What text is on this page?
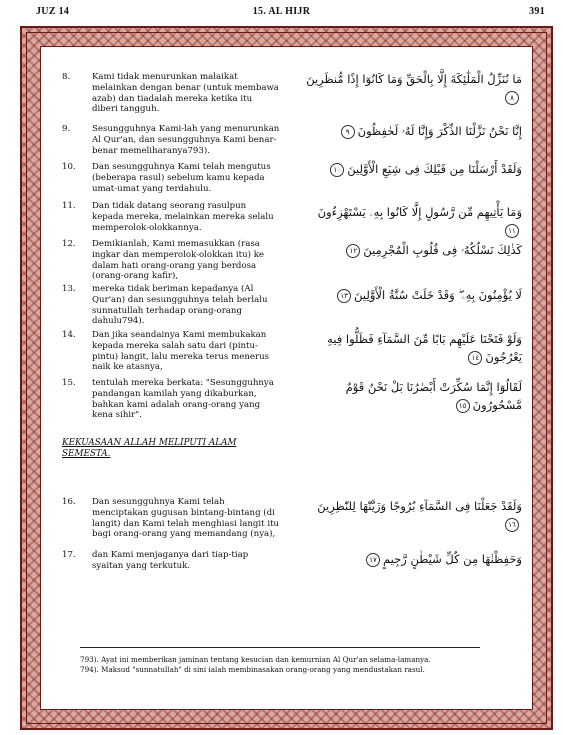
JUZ 14	15. AL HIJR	391
8.	Kami tidak menurunkan malaikat melainkan dengan benar (untuk membawa azab) dan tiadalah mereka ketika itu diberi tangguh.
مَا نُنَزِّلُ الْمَلٰٓئِكَةَ إِلَّا بِالْحَقِّ وَمَا كَانُوٓا إِذًا مُّنظَرِينَ٨
9.	Sesungguhnya Kami-lah yang menurunkan Al Qur'an, dan sesungguhnya Kami benar-benar memeliharanya793).
إِنَّا نَحْنُ نَزَّلْنَا الذِّكْرَ وَإِنَّا لَهُۥ لَحٰفِظُونَ٩
10.	Dan sesungguhnya Kami telah mengutus (beberapa rasul) sebelum kamu kepada umat-umat yang terdahulu.
وَلَقَدْ أَرْسَلْنَا مِن قَبْلِكَ فِى شِيَعِ الْأَوَّلِينَ١٠
11.	Dan tidak datang seorang rasulpun kepada mereka, melainkan mereka selalu memperolok-olokkannya.
وَمَا يَأْتِيهِم مِّن رَّسُولٍ إِلَّا كَانُوا بِهِۦ يَسْتَهْزِءُونَ١١
12.	Demikianlah, Kami memasukkan (rasa ingkar dan memperolok-olokkan itu) ke dalam hati orang-orang yang berdosa (orang-orang kafir),
كَذٰلِكَ نَسْلُكُهُۥ فِى قُلُوبِ الْمُجْرِمِينَ١٢
13.	mereka tidak beriman kepadanya (Al Qur'an) dan sesungguhnya telah berlalu sunnatullah terhadap orang-orang dahulu794).
لَا يُؤْمِنُونَ بِهِۦ ۖ وَقَدْ خَلَتْ سُنَّةُ الْأَوَّلِينَ١٣
14.	Dan jika seandainya Kami membukakan kepada mereka salah satu dari (pintu-pintu) langit, lalu mereka terus menerus naik ke atasnya,
وَلَوْ فَتَحْنَا عَلَيْهِم بَابًا مِّنَ السَّمَآءِ فَظَلُّوا فِيهِ يَعْرُجُونَ١٤
15.	tentulah mereka berkata: "Sesungguhnya pandangan kamilah yang dikaburkan, bahkan kami adalah orang-orang yang kena sihir".
لَقَالُوٓا إِنَّمَا سُكِّرَتْ أَبْصٰرُنَا بَلْ نَحْنُ قَوْمٌ مَّسْحُورُونَ١٥
16.	Dan sesungguhnya Kami telah menciptakan gugusan bintang-bintang (di langit) dan Kami telah menghiasi langit itu bagi orang-orang yang memandang (nya),
وَلَقَدْ جَعَلْنَا فِى السَّمَآءِ بُرُوجًا وَزَيَّنّٰهَا لِلنّٰظِرِينَ١٦
17.	dan Kami menjaganya dari tiap-tiap syaitan yang terkutuk.	وَحَفِظْنٰهَا مِن كُلِّ شَيْطٰنٍ رَّجِيمٍ١٧
KEKUASAAN ALLAH MELIPUTI ALAM SEMESTA.
793). Ayat ini memberikan jaminan tentang kesucian dan kemurnian Al Qur'an selama-lamanya.
794). Maksud "sunnatullah" di sini ialah membinasakan orang-orang yang mendustakan rasul.
